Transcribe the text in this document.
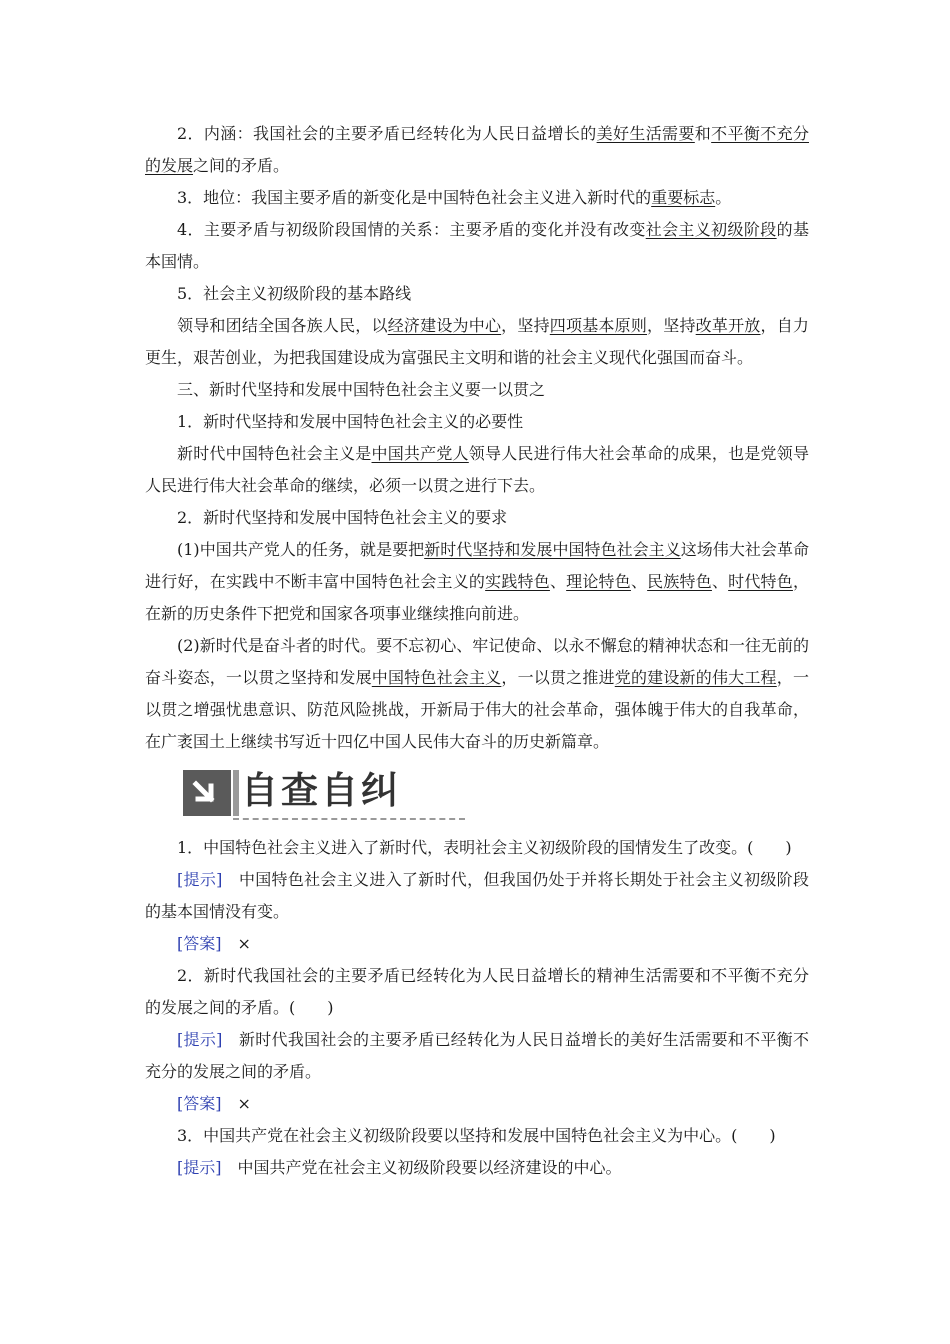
2．内涵：我国社会的主要矛盾已经转化为人民日益增长的美好生活需要和不平衡不充分的发展之间的矛盾。

3．地位：我国主要矛盾的新变化是中国特色社会主义进入新时代的重要标志。

4．主要矛盾与初级阶段国情的关系：主要矛盾的变化并没有改变社会主义初级阶段的基本国情。

5．社会主义初级阶段的基本路线

领导和团结全国各族人民，以经济建设为中心，坚持四项基本原则，坚持改革开放，自力更生，艰苦创业，为把我国建设成为富强民主文明和谐的社会主义现代化强国而奋斗。

三、新时代坚持和发展中国特色社会主义要一以贯之

1．新时代坚持和发展中国特色社会主义的必要性

新时代中国特色社会主义是中国共产党人领导人民进行伟大社会革命的成果，也是党领导人民进行伟大社会革命的继续，必须一以贯之进行下去。

2．新时代坚持和发展中国特色社会主义的要求

(1)中国共产党人的任务，就是要把新时代坚持和发展中国特色社会主义这场伟大社会革命进行好，在实践中不断丰富中国特色社会主义的实践特色、理论特色、民族特色、时代特色，在新的历史条件下把党和国家各项事业继续推向前进。

(2)新时代是奋斗者的时代。要不忘初心、牢记使命、以永不懈怠的精神状态和一往无前的奋斗姿态，一以贯之坚持和发展中国特色社会主义，一以贯之推进党的建设新的伟大工程，一以贯之增强忧患意识、防范风险挑战，开新局于伟大的社会革命，强体魄于伟大的自我革命，在广袤国土上继续书写近十四亿中国人民伟大奋斗的历史新篇章。

自查自纠

1．中国特色社会主义进入了新时代，表明社会主义初级阶段的国情发生了改变。(　　)

[提示]　中国特色社会主义进入了新时代，但我国仍处于并将长期处于社会主义初级阶段的基本国情没有变。

[答案]　×

2．新时代我国社会的主要矛盾已经转化为人民日益增长的精神生活需要和不平衡不充分的发展之间的矛盾。(　　)

[提示]　新时代我国社会的主要矛盾已经转化为人民日益增长的美好生活需要和不平衡不充分的发展之间的矛盾。

[答案]　×

3．中国共产党在社会主义初级阶段要以坚持和发展中国特色社会主义为中心。(　　)

[提示]　中国共产党在社会主义初级阶段要以经济建设的中心。
